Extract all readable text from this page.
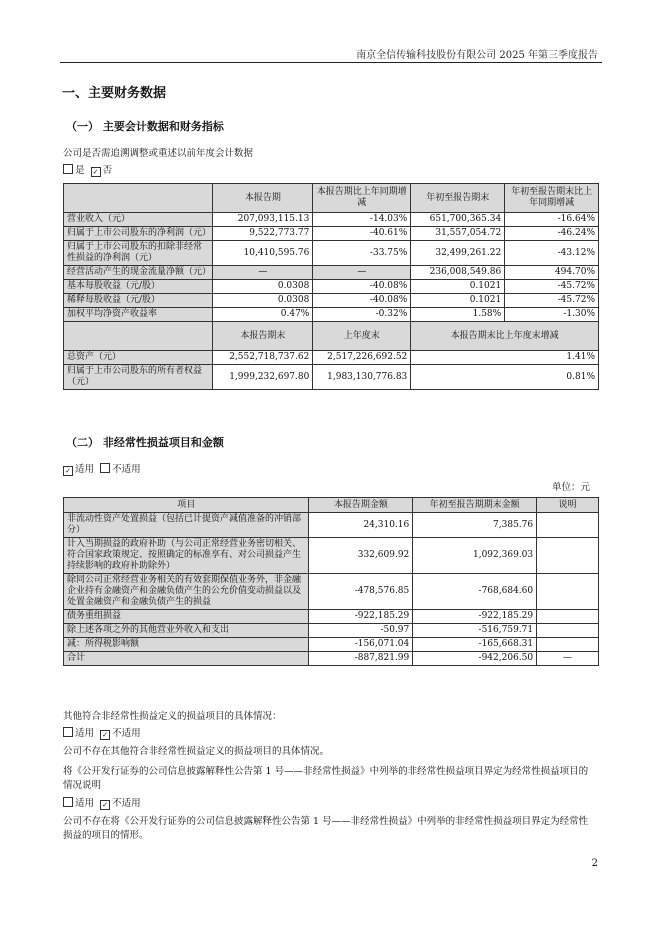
南京全信传输科技股份有限公司 2025 年第三季度报告
一、主要财务数据
（一） 主要会计数据和财务指标
公司是否需追溯调整或重述以前年度会计数据
是 ✓ 否
	本报告期	本报告期比上年同期增减	年初至报告期末	年初至报告期末比上年同期增减
营业收入（元）	207,093,115.13	-14.03%	651,700,365.34	-16.64%
归属于上市公司股东的净利润（元）	9,522,773.77	-40.61%	31,557,054.72	-46.24%
归属于上市公司股东的扣除非经常性损益的净利润（元）	10,410,595.76	-33.75%	32,499,261.22	-43.12%
经营活动产生的现金流量净额（元）	—	—	236,008,549.86	494.70%
基本每股收益（元/股）	0.0308	-40.08%	0.1021	-45.72%
稀释每股收益（元/股）	0.0308	-40.08%	0.1021	-45.72%
加权平均净资产收益率	0.47%	-0.32%	1.58%	-1.30%
	本报告期末	上年度末	本报告期末比上年度末增减	
总资产（元）	2,552,718,737.62	2,517,226,692.52	1.41%	
归属于上市公司股东的所有者权益（元）	1,999,232,697.80	1,983,130,776.83	0.81%	
（二） 非经常性损益项目和金额
✓ 适用 不适用
单位：元
项目	本报告期金额	年初至报告期期末金额	说明
非流动性资产处置损益（包括已计提资产减值准备的冲销部分）	24,310.16	7,385.76	
计入当期损益的政府补助（与公司正常经营业务密切相关、符合国家政策规定、按照确定的标准享有、对公司损益产生持续影响的政府补助除外）	332,609.92	1,092,369.03	
除同公司正常经营业务相关的有效套期保值业务外，非金融企业持有金融资产和金融负债产生的公允价值变动损益以及处置金融资产和金融负债产生的损益	-478,576.85	-768,684.60	
债务重组损益	-922,185.29	-922,185.29	
除上述各项之外的其他营业外收入和支出	-50.97	-516,759.71	
减：所得税影响额	-156,071.04	-165,668.31	
合计	-887,821.99	-942,206.50	—
其他符合非经常性损益定义的损益项目的具体情况：
适用 ✓ 不适用
公司不存在其他符合非经常性损益定义的损益项目的具体情况。
将《公开发行证券的公司信息披露解释性公告第 1 号——非经常性损益》中列举的非经常性损益项目界定为经常性损益项目的情况说明
适用 ✓ 不适用
公司不存在将《公开发行证券的公司信息披露解释性公告第 1 号——非经常性损益》中列举的非经常性损益项目界定为经常性损益的项目的情形。
2
